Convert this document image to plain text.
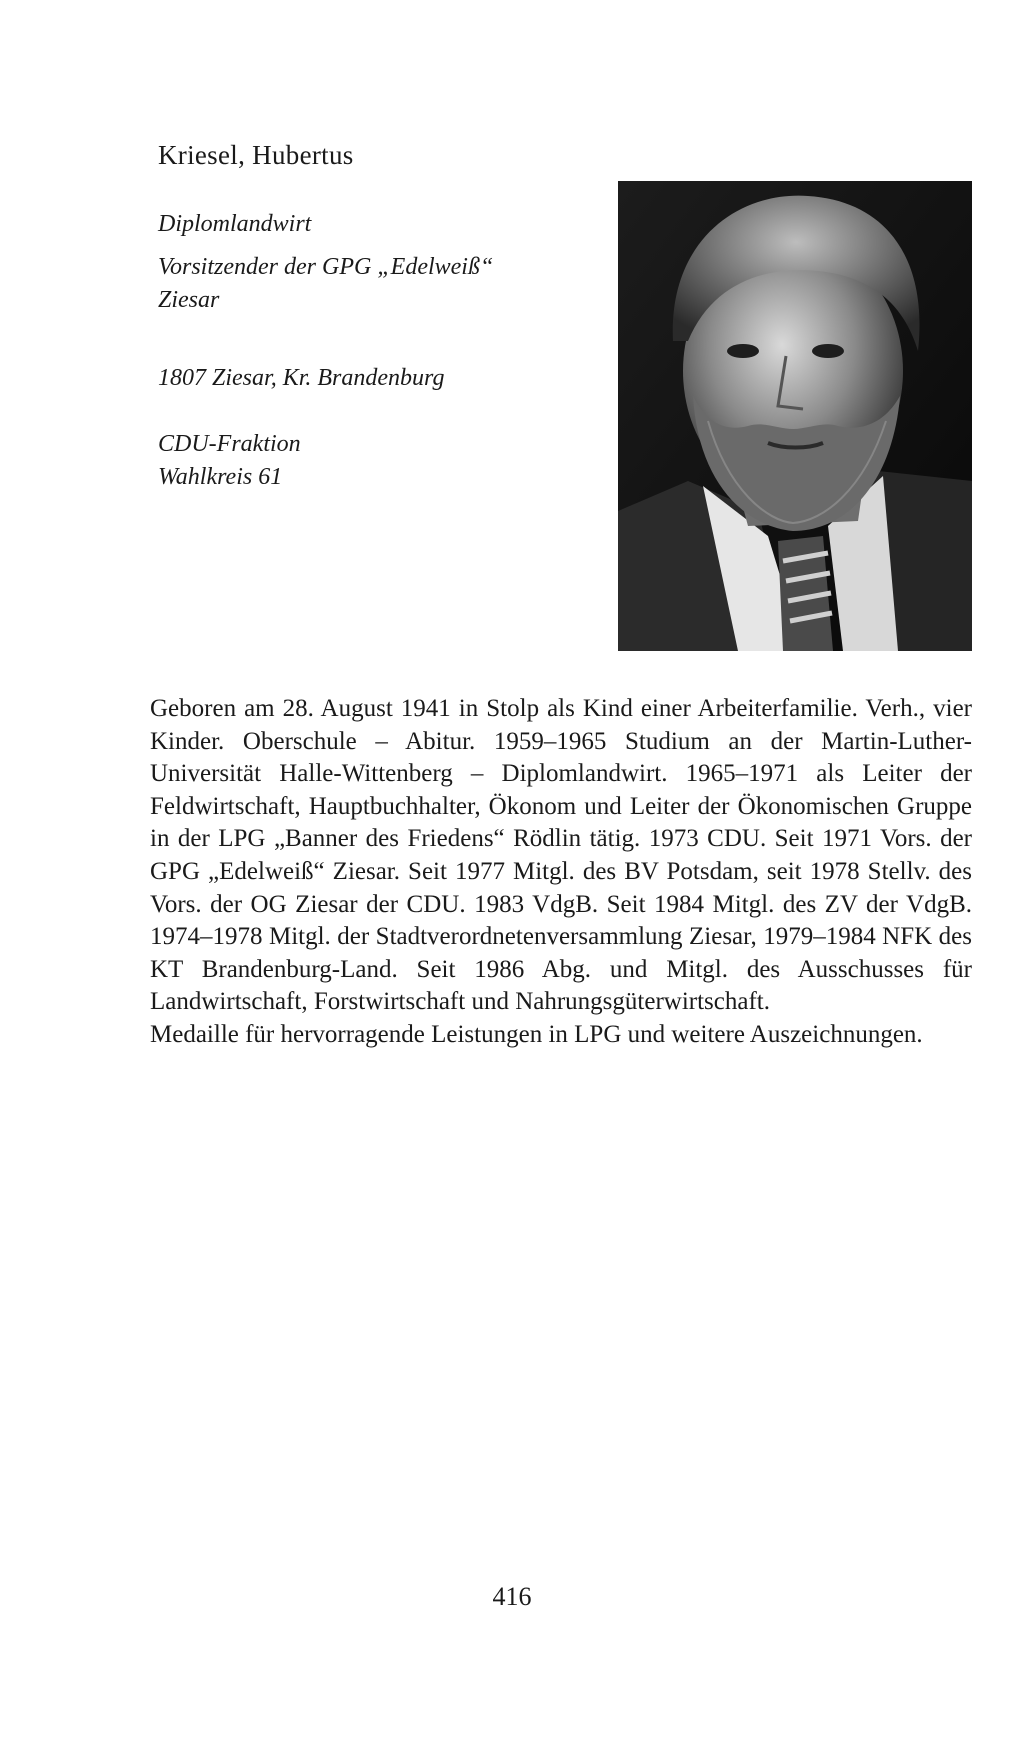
Kriesel, Hubertus
Diplomlandwirt
Vorsitzender der GPG „Edelweiß“
Ziesar
1807 Ziesar, Kr. Brandenburg
CDU-Fraktion
Wahlkreis 61

Geboren am 28. August 1941 in Stolp als Kind einer Arbeiterfamilie. Verh., vier Kinder. Oberschule – Abitur. 1959–1965 Studium an der Martin-Luther-Universität Halle-Wittenberg – Diplomlandwirt. 1965–1971 als Leiter der Feldwirtschaft, Hauptbuchhalter, Ökonom und Leiter der Ökonomischen Gruppe in der LPG „Banner des Friedens“ Rödlin tätig. 1973 CDU. Seit 1971 Vors. der GPG „Edelweiß“ Ziesar. Seit 1977 Mitgl. des BV Potsdam, seit 1978 Stellv. des Vors. der OG Ziesar der CDU. 1983 VdgB. Seit 1984 Mitgl. des ZV der VdgB. 1974–1978 Mitgl. der Stadtverordnetenversammlung Ziesar, 1979–1984 NFK des KT Brandenburg-Land. Seit 1986 Abg. und Mitgl. des Ausschusses für Landwirtschaft, Forstwirtschaft und Nahrungsgüterwirtschaft.

Medaille für hervorragende Leistungen in LPG und weitere Auszeichnungen.

416
